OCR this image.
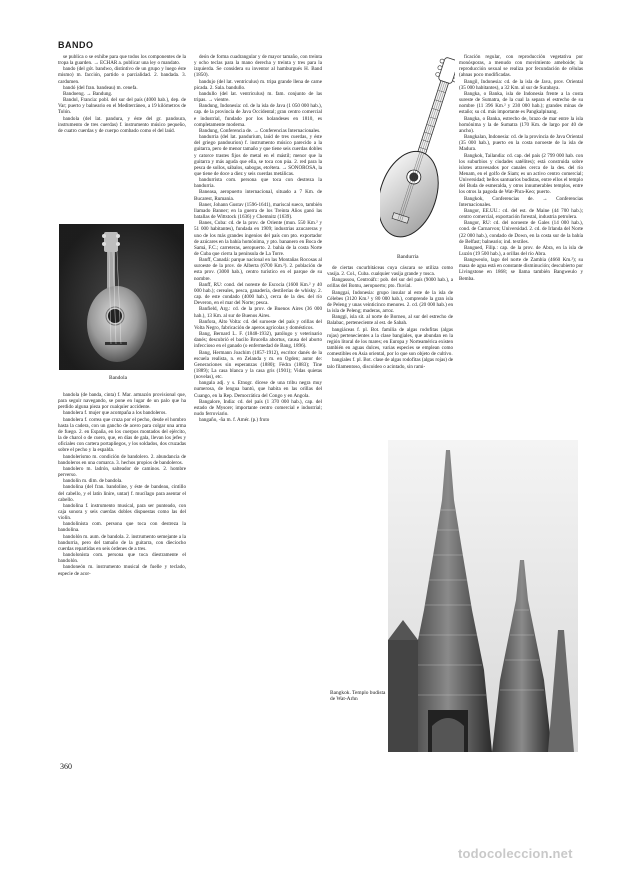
BANDO

se publica o se exhibe para que todos los componentes de la tropa la guarden. → ECHAR a. publicar una ley o mandato.

bando (del gót. bandwo, distintivo de un grupo y luego éste mismo) m. facción, partido o parcialidad. 2. bandada. 3. cardumen.

bandó (del fran. bandeau) m. cenefa.

Bandoeng. → Bandung.

Bandol, Francia: pobl. del sur del país (4000 hab.), dep. de Var; puerto y balneario en el Mediterráneo, a 19 kilómetros de Tolón.

bandola (del lat. pandura, y éste del gr. pandoura, instrumento de tres cuerdas) f. instrumento músico pequeño, de cuatro cuerdas y de cuerpo combado como el del laúd.

Bandola

bandola (de banda, cinta) f. Mar. armazón provisional que, para seguir navegando, se pone en lugar de un palo que ha perdido alguna pieza por cualquier accidente.

bandolera f. mujer que acompaña a los bandoleros.

bandolera f. correa que cruza por el pecho, desde el hombro hasta la cadera, con un gancho de acero para colgar una arma de fuego. 2. en España, en los cuerpos montados del ejército, la de charol o de cuero, que, en días de gala, llevan los jefes y oficiales con cartera portapliegos, y los soldados, dos cruzadas sobre el pecho y la espalda.

bandolerismo m. condición de bandolero. 2. abundancia de bandoleros en una comarca. 3. hechos propios de bandoleros.

bandolero m. ladrón, salteador de caminos. 2. hombre perverso.

bandolín m. dim. de bandola.

bandolina (del fran. bandoline, y éste de bandeau, cintillo del cabello, y el latín linire, untar) f. mucílago para asentar el cabello.

bandolina f. instrumento musical, para ser punteado, con caja sonora y seis cuerdas dobles dispuestas como las del violín.

bandolinista com. persona que toca con destreza la bandolina.

bandolón m. aum. de bandola. 2. instrumento semejante a la bandurria, pero del tamaño de la guitarra, con dieciocho cuerdas repartidas en seis órdenes de a tres.

bandolonista com. persona que toca diestramente el bandolón.

bandoneón m. instrumento musical de fuelle y teclado, especie de acor-

deón de forma cuadrangular y de mayor tamaño, con treinta y ocho teclas para la mano derecha y treinta y tres para la izquierda. Se considera su inventor al hamburgués H. Band (1850).

bandujo (del lat. ventriculus) m. tripa grande llena de carne picada. 2. Sala. bandullo.

bandullo (del lat. ventriculus) m. fam. conjunto de las tripas. → vientre.

Bandung, Indonesia: cd. de la isla de Java (1 050 000 hab.), cap. de la provincia de Java Occidental; gran centro comercial e industrial, fundado por los holandeses en 1810, es completamente moderna.

Bandung, Conferencia de. → Conferencias Internacionales.

bandurria (del lat. pandurium, laúd de tres cuerdas, y éste del griego pandourion) f. instrumento músico parecido a la guitarra, pero de menor tamaño y que tiene seis cuerdas dobles y catorce trastes fijos de metal en el mástil; menor que la guitarra y más aguda que ella, se toca con púa. 2. red para la pesca de sollos, sábalos, sabogas, etcétera. → SONOROSA, la que tiene de doce a diez y seis cuerdas metálicas.

bandurrista com. persona que toca con destreza la bandurria.

Baneasa, aeropuerto internacional, situado a 7 Km. de Bucarest, Rumania.

Baner, Johann Gustav (1596-1641), mariscal sueco, también llamado Banner; en la guerra de los Treinta Años ganó las batallas de Wittstock (1636) y Chemnitz (1639).

Banes, Cuba: cd. de la prov. de Oriente (mun. 550 Km.² y 51 000 habitantes), fundada en 1909; industrias azucareras y uno de los más grandes ingenios del país con pto. exportador de azúcares en la bahía homónima, y pto. bananero en Boca de Samá, F.C.; carreteras, aeropuerto. 2. bahía de la costa Norte de Cuba que cierra la península de La Torre.

Banff, Canadá: parque nacional en las Montañas Rocosas al suroeste de la prov. de Alberta (6700 Km.²). 2. población de esta prov. (3000 hab.), centro turístico en el parque de su nombre.

Banff, RU: cond. del noreste de Escocia (1600 Km.² y 40 000 hab.); cereales, pesca, ganadería, destilerías de whisky. 2. cap. de este condado (4000 hab.), cerca de la des. del río Deveron, en el mar del Norte; pesca.

Banfield, Arg.: cd. de la prov. de Buenos Aires (36 000 hab.), 13 Km. al sur de Buenos Aires.

Banfora, Alto Volta: cd. del suroeste del país y orillas del Volta Negro, fabricación de aperos agrícolas y domésticos.

Bang, Bernard L. F. (1848-1932), patólogo y veterinario danés; descubrió el bacilo Brucella abortus, causa del aborto infeccioso en el ganado (o enfermedad de Bang, 1896).

Bang, Hermann Joachim (1857-1912), escritor danés de la escuela realista, n. en Zelanda y m. en Ogden; autor de: Generaciones sin esperanzas (1880); Fèdra (1883); Tine (1889); La casa blanca y la casa gris (1901); Vidas quietas (novelas), etc.

bangala adj. y s. Etnogr. dícese de una tribu negra muy numerosa, de lengua bantú, que habita en las orillas del Cuango, en la Rep. Democrática del Congo y en Angola.

Bangalore, India: cd. del país (1 370 000 hab.), cap. del estado de Mysore; importante centro comercial e industrial; nudo ferroviario.

bangaño, -ña m. f. Amér. (p.) fruto

Bandurria

de ciertas cucurbitáceas cuya cáscara se utiliza como vasija. 2. Col., Cuba. cualquier vasija grande y tosca.

Bangassou, Centroáfr.: pob. del sur del país (9000 hab.), a orillas del Bomu, aeropuerto; pto. fluvial.

Banggai, Indonesia: grupo insular al este de la isla de Célebes (3120 Km.² y 80 000 hab.), comprende la gran isla de Peleng y unas veinticinco menores. 2. cd. (20 000 hab.) en la isla de Peleng; maderas, arroz.

Banggi, isla sit. al norte de Borneo, al sur del estrecho de Balabac, perteneciente al est. de Sabah.

bangiáceas f. pl. Bot. familia de algas rodofitas (algas rojas) pertenecientes a la clase bangiales, que abundan en la región litoral de los mares; en Europa y Norteamérica existen también en aguas dulces, varias especies se emplean como comestibles en Asia oriental, por lo que son objeto de cultivo.

bangiales f. pl. Bot. clase de algas rodofitas (algas rojas) de talo filamentoso, discoideo o acintado, sin rami-

ficación regular, con reproducción vegetativa por monósporas, a menudo con movimiento ameboide; la reproducción sexual se realiza por fecundación de células (ahnas poco modificadas.

Bangil, Indonesia: cd. de la isla de Java, prov. Oriental (35 000 habitantes), a 32 Km. al sur de Surabaya.

Bangka, o Banka, isla de Indonesia frente a la costa sureste de Sumatra, de la cual la separa el estrecho de su nombre (11 396 Km.² y 230 000 hab.); grandes minas de estaño; su cd. más importante es Pangkalpinang.

Bangka, o Banka, estrecho de, brazo de mar entre la isla homónima y la de Sumatra (170 Km. de largo por 40 de ancho).

Bangkalan, Indonesia: cd. de la provincia de Java Oriental (35 000 hab.), puerto en la costa noroeste de la isla de Madura.

Bangkok, Tailandia: cd. cap. del país (2 799 000 hab. con los suburbios y ciudades satélites); está construida sobre islotes atravesados por canales cerca de la des. del río Menam, en el golfo de Siam; es un activo centro comercial; Universidad; bellos santuarios budistas, entre ellos el templo del Buda de esmeralda, y otros innumerables templos, entre los otros la pagoda de Wat-Phra-Keo; puerto.

Bangkok, Conferencias de. → Conferencias Internacionales.

Bangor, EE.UU.: cd. del est. de Maine (44 700 hab.); centro comercial, exportación forestal, industria petrolera.

Bangor, RU: cd. del noroeste de Gales (14 000 hab.), cond. de Carnarvon; Universidad. 2. cd. de Irlanda del Norte (22 000 hab.), condado de Down, en la costa sur de la bahía de Belfast; balneario; ind. textiles.

Bangued, Filip.: cap. de la prov. de Abra, en la isla de Luzón (19 500 hab.), a orillas del río Abra.

Bangweolo, lago del norte de Zambia (4660 Km.²); su masa de agua está en constante disminución; descubierto por Livingstone en 1868; se llama también Bangweulo y Bemba.

Bangkok. Templo budista de Wat-Arhn
360
todocoleccion.net
